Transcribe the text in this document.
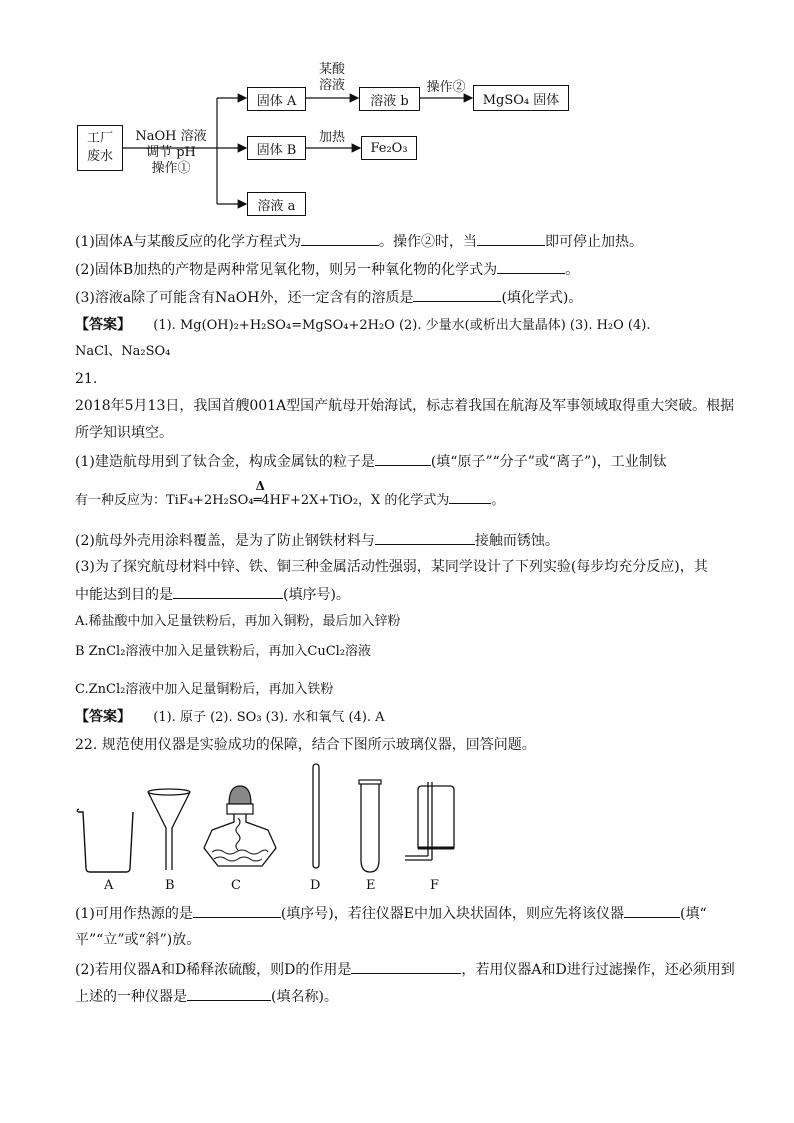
工厂
废水
NaOH 溶液
调节 pH
操作①
固体 A
某酸
溶液
溶液 b
操作②
MgSO₄ 固体
固体 B
加热
Fe₂O₃
溶液 a
(1)固体A与某酸反应的化学方程式为	。操作②时，当	即可停止加热。
(2)固体B加热的产物是两种常见氧化物，则另一种氧化物的化学式为	。
(3)溶液a除了可能含有NaOH外，还一定含有的溶质是	(填化学式)。
【答案】 (1). Mg(OH)₂+H₂SO₄=MgSO₄+2H₂O (2). 少量水(或析出大量晶体) (3). H₂O (4).
NaCl、Na₂SO₄
21.
2018年5月13日，我国首艘001A型国产航母开始海试，标志着我国在航海及军事领域取得重大突破。根据
所学知识填空。
(1)建造航母用到了钛合金，构成金属钛的粒子是	(填“原子”“分子”或“离子”)，工业制钛
有一种反应为：TiF₄+2H₂SO₄
Δ
═4HF+2X+TiO₂，X 的化学式为	。
(2)航母外壳用涂料覆盖，是为了防止钢铁材料与	接触而锈蚀。
(3)为了探究航母材料中锌、铁、铜三种金属活动性强弱，某同学设计了下列实验(每步均充分反应)，其
中能达到目的是	(填序号)。
A.稀盐酸中加入足量铁粉后，再加入铜粉，最后加入锌粉
B ZnCl₂溶液中加入足量铁粉后，再加入CuCl₂溶液
C.ZnCl₂溶液中加入足量铜粉后，再加入铁粉
【答案】 (1). 原子 (2). SO₃ (3). 水和氧气 (4). A
22. 规范使用仪器是实验成功的保障，结合下图所示玻璃仪器，回答问题。
A	B	C	D	E	F
(1)可用作热源的是	(填序号)，若往仪器E中加入块状固体，则应先将该仪器	(填“
平”“立”或“斜”)放。
(2)若用仪器A和D稀释浓硫酸，则D的作用是	，若用仪器A和D进行过滤操作，还必须用到
上述的一种仪器是	(填名称)。
